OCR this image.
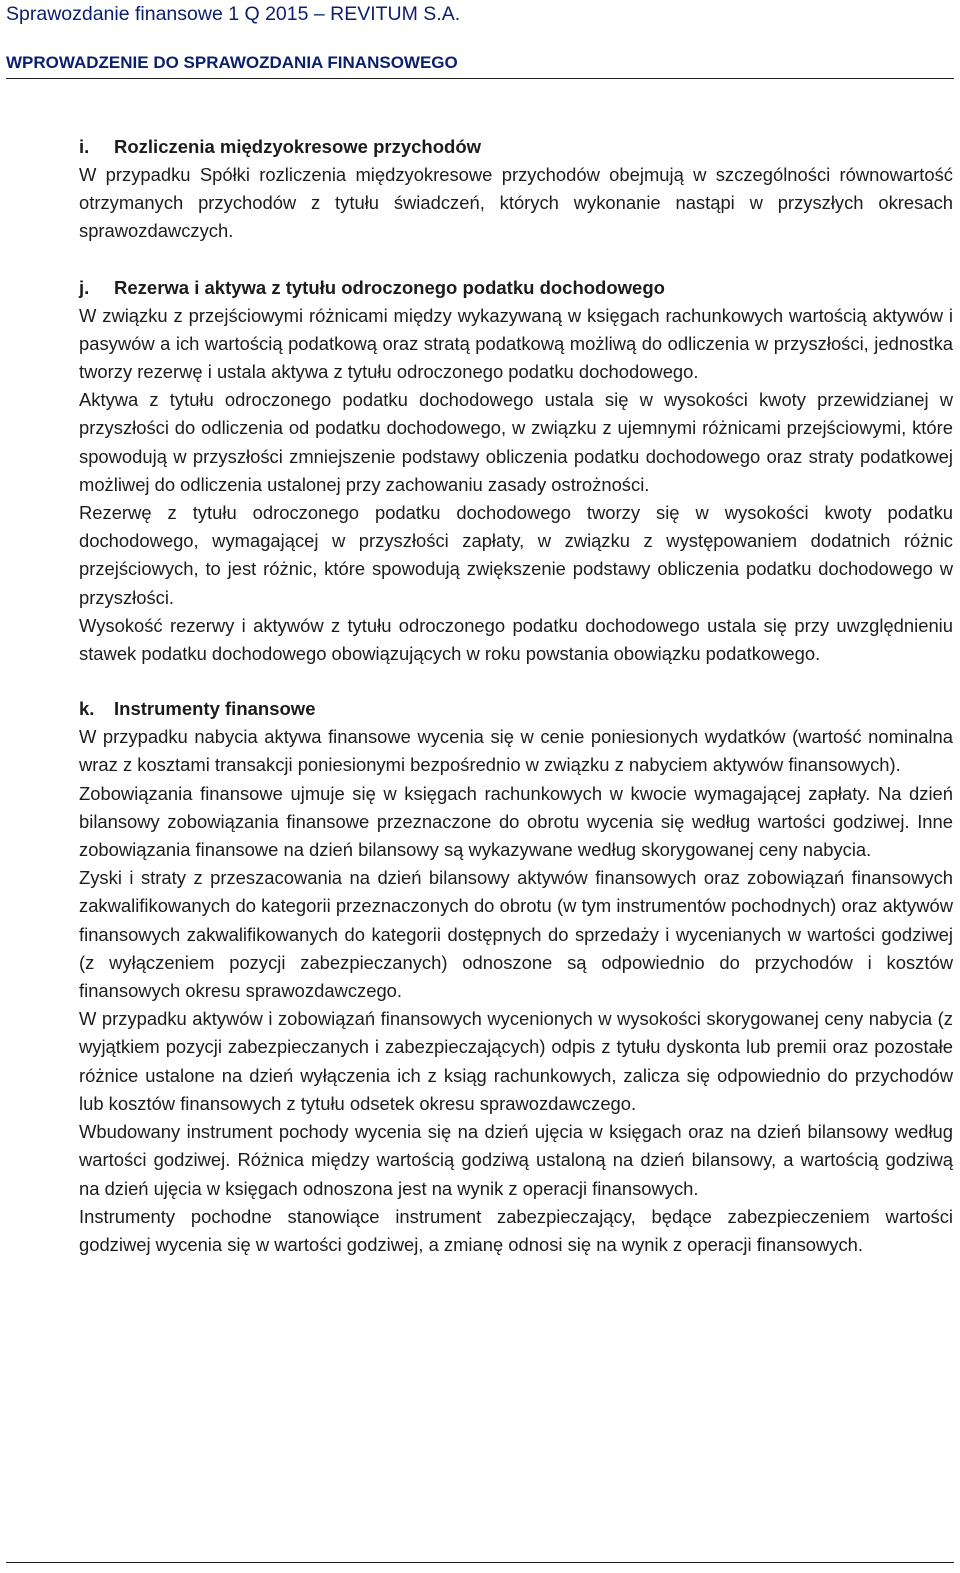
Sprawozdanie finansowe 1 Q 2015 – REVITUM S.A.

WPROWADZENIE DO SPRAWOZDANIA FINANSOWEGO

i.	Rozliczenia międzyokresowe przychodów

W przypadku Spółki rozliczenia międzyokresowe przychodów obejmują w szczególności równowartość otrzymanych przychodów z tytułu świadczeń, których wykonanie nastąpi w przyszłych okresach sprawozdawczych.

j.	Rezerwa i aktywa z tytułu odroczonego podatku dochodowego

W związku z przejściowymi różnicami między wykazywaną w księgach rachunkowych wartością aktywów i pasywów a ich wartością podatkową oraz stratą podatkową możliwą do odliczenia w przyszłości, jednostka tworzy rezerwę i ustala aktywa z tytułu odroczonego podatku dochodowego.

Aktywa z tytułu odroczonego podatku dochodowego ustala się w wysokości kwoty przewidzianej w przyszłości do odliczenia od podatku dochodowego, w związku z ujemnymi różnicami przejściowymi, które spowodują w przyszłości zmniejszenie podstawy obliczenia podatku dochodowego oraz straty podatkowej możliwej do odliczenia ustalonej przy zachowaniu zasady ostrożności.

Rezerwę z tytułu odroczonego podatku dochodowego tworzy się w wysokości kwoty podatku dochodowego, wymagającej w przyszłości zapłaty, w związku z występowaniem dodatnich różnic przejściowych, to jest różnic, które spowodują zwiększenie podstawy obliczenia podatku dochodowego w przyszłości.

Wysokość rezerwy i aktywów z tytułu odroczonego podatku dochodowego ustala się przy uwzględnieniu stawek podatku dochodowego obowiązujących w roku powstania obowiązku podatkowego.

k.	Instrumenty finansowe

W przypadku nabycia aktywa finansowe wycenia się w cenie poniesionych wydatków (wartość nominalna wraz z kosztami transakcji poniesionymi bezpośrednio w związku z nabyciem aktywów finansowych).

Zobowiązania finansowe ujmuje się w księgach rachunkowych w kwocie wymagającej zapłaty. Na dzień bilansowy zobowiązania finansowe przeznaczone do obrotu wycenia się według wartości godziwej. Inne zobowiązania finansowe na dzień bilansowy są wykazywane według skorygowanej ceny nabycia.

Zyski i straty z przeszacowania na dzień bilansowy aktywów finansowych oraz zobowiązań finansowych zakwalifikowanych do kategorii przeznaczonych do obrotu (w tym instrumentów pochodnych) oraz aktywów finansowych zakwalifikowanych do kategorii dostępnych do sprzedaży i wycenianych w wartości godziwej (z wyłączeniem pozycji zabezpieczanych) odnoszone są odpowiednio do przychodów i kosztów finansowych okresu sprawozdawczego.

W przypadku aktywów i zobowiązań finansowych wycenionych w wysokości skorygowanej ceny nabycia (z wyjątkiem pozycji zabezpieczanych i zabezpieczających) odpis z tytułu dyskonta lub premii oraz pozostałe różnice ustalone na dzień wyłączenia ich z ksiąg rachunkowych, zalicza się odpowiednio do przychodów lub kosztów finansowych z tytułu odsetek okresu sprawozdawczego.

Wbudowany instrument pochody wycenia się na dzień ujęcia w księgach oraz na dzień bilansowy według wartości godziwej. Różnica między wartością godziwą ustaloną na dzień bilansowy, a wartością godziwą na dzień ujęcia w księgach odnoszona jest na wynik z operacji finansowych.

Instrumenty pochodne stanowiące instrument zabezpieczający, będące zabezpieczeniem wartości godziwej wycenia się w wartości godziwej, a zmianę odnosi się na wynik z operacji finansowych.
